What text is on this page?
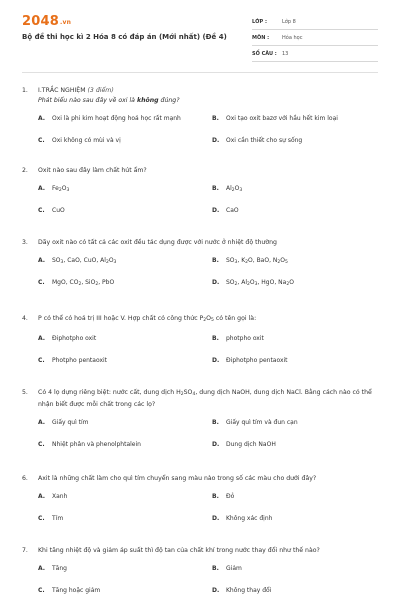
2048.vn
Bộ đề thi học kì 2 Hóa 8 có đáp án (Mới nhất) (Đề 4)
LỚP :	Lớp 8
MÔN :	Hóa học
SỐ CÂU :	13
1.	I.TRẮC NGHIỆM (3 điểm)
Phát biểu nào sau đây về oxi là không đúng?
A.	Oxi là phi kim hoạt động hoá học rất mạnh	B.	Oxi tạo oxit bazơ với hầu hết kim loại
C.	Oxi không có mùi và vị	D.	Oxi cần thiết cho sự sống
2.	Oxit nào sau đây làm chất hút ẩm?
A.	$Fe_2O_3$	B.	$Al_2O_3$
C.	CuO	D.	CaO
3.	Dãy oxit nào có tất cả các oxit đều tác dụng được với nước ở nhiệt độ thường
A.	$SO_3$, CaO, CuO, $Al_2O_3$	B.	$SO_3$, $K_2O$, BaO, $N_2O_5$
C.	MgO, $CO_2$, SiO$_2$, PbO	D.	$SO_2$, $Al_2O_3$, HgO, $Na_2O$
4.	P có thể có hoá trị III hoặc V. Hợp chất có công thức $P_2O_5$ có tên gọi là:
A.	Điphotpho oxit	B.	photpho oxit
C.	Photpho pentaoxit	D.	Điphotpho pentaoxit
5.	Có 4 lọ dựng riêng biệt: nước cất, dung dịch $H_2SO_4$, dung dịch NaOH, dung dịch NaCl. Bằng cách nào có thể nhận biết được mỗi chất trong các lọ?
A.	Giấy quì tím	B.	Giấy quì tím và đun cạn
C.	Nhiệt phân và phenolphtalein	D.	Dung dịch NaOH
6.	Axit là những chất làm cho quì tím chuyển sang màu nào trong số các màu cho dưới đây?
A.	Xanh	B.	Đỏ
C.	Tím	D.	Không xác định
7.	Khi tăng nhiệt độ và giảm áp suất thì độ tan của chất khí trong nước thay đổi như thế nào?
A.	Tăng	B.	Giảm
C.	Tăng hoặc giảm	D.	Không thay đổi
